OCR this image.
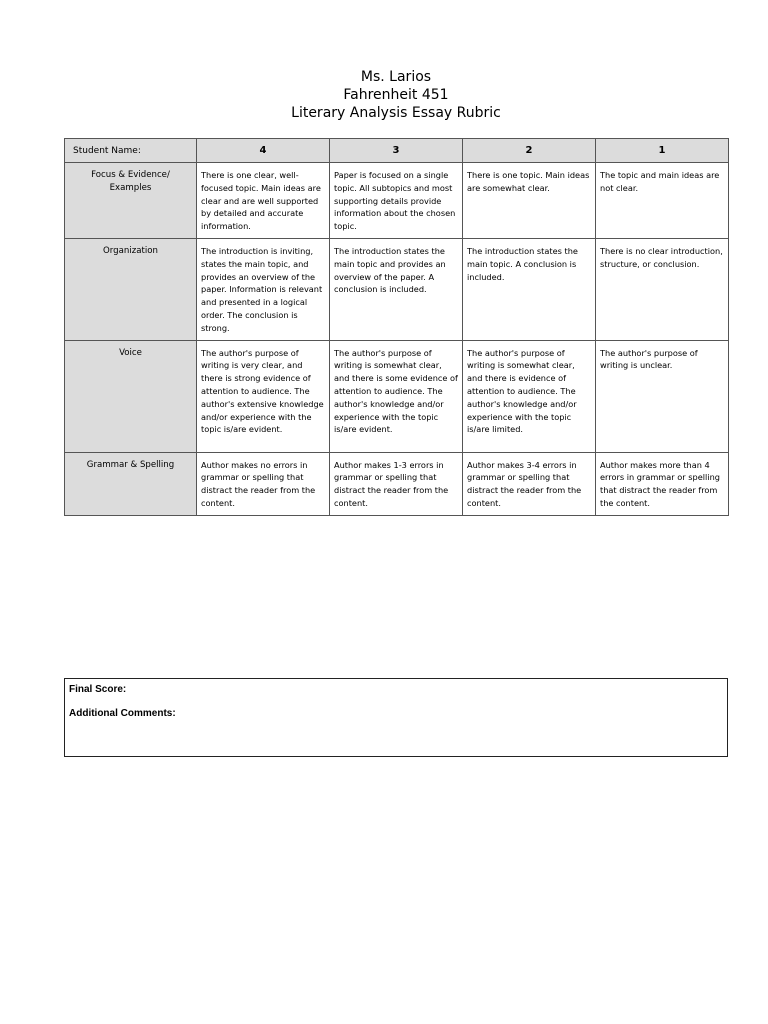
Ms. Larios

Fahrenheit 451

Literary Analysis Essay Rubric

Student Name:	4	3	2	1
Focus & Evidence/ Examples	There is one clear, well-focused topic. Main ideas are clear and are well supported by detailed and accurate information.	Paper is focused on a single topic. All subtopics and most supporting details provide information about the chosen topic.	There is one topic. Main ideas are somewhat clear.	The topic and main ideas are not clear.
Organization	The introduction is inviting, states the main topic, and provides an overview of the paper. Information is relevant and presented in a logical order. The conclusion is strong.	The introduction states the main topic and provides an overview of the paper. A conclusion is included.	The introduction states the main topic. A conclusion is included.	There is no clear introduction, structure, or conclusion.
Voice	The author's purpose of writing is very clear, and there is strong evidence of attention to audience. The author's extensive knowledge and/or experience with the topic is/are evident.	The author's purpose of writing is somewhat clear, and there is some evidence of attention to audience. The author's knowledge and/or experience with the topic is/are evident.	The author's purpose of writing is somewhat clear, and there is evidence of attention to audience. The author's knowledge and/or experience with the topic is/are limited.	The author's purpose of writing is unclear.
Grammar & Spelling	Author makes no errors in grammar or spelling that distract the reader from the content.	Author makes 1-3 errors in grammar or spelling that distract the reader from the content.	Author makes 3-4 errors in grammar or spelling that distract the reader from the content.	Author makes more than 4 errors in grammar or spelling that distract the reader from the content.
Final Score:
Additional Comments:
